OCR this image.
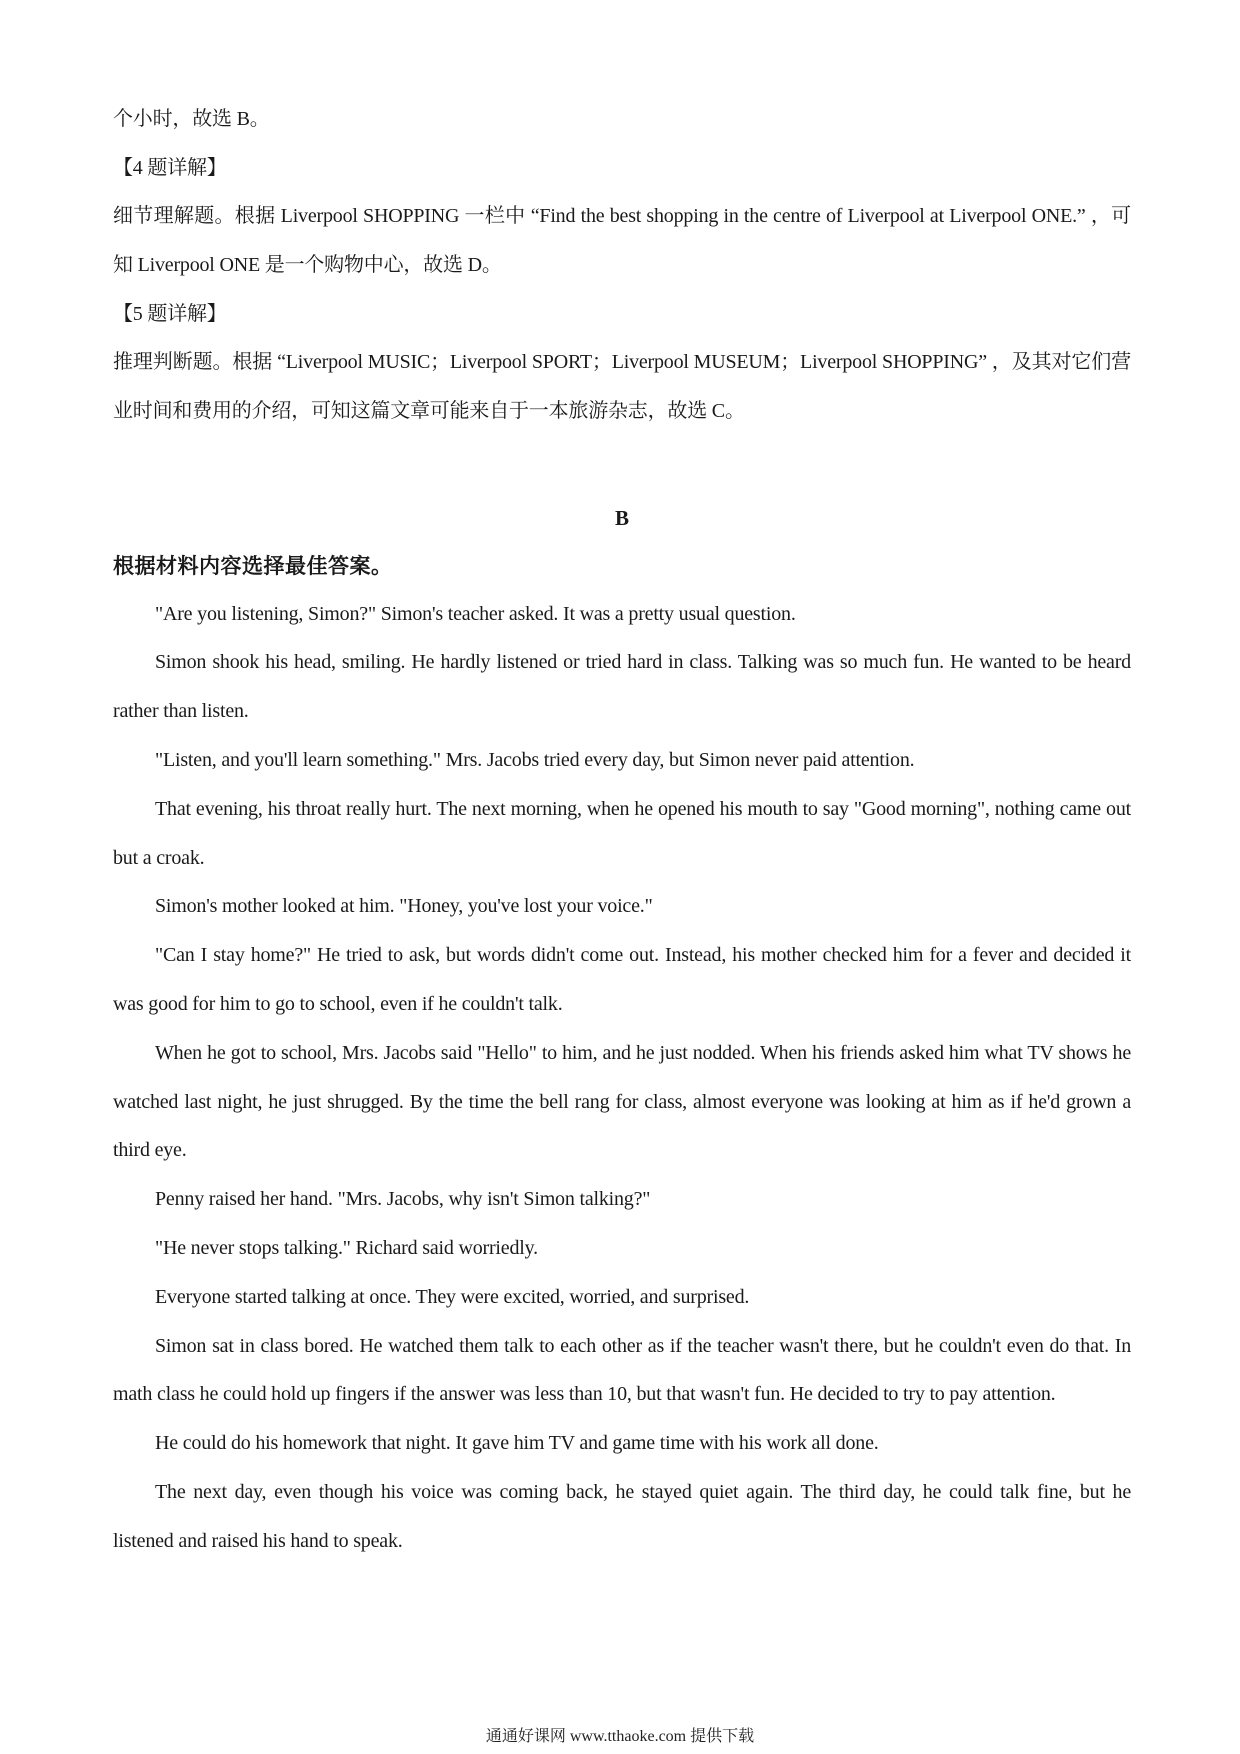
个小时，故选 B。
【4 题详解】

细节理解题。根据 Liverpool SHOPPING 一栏中 “Find the best shopping in the centre of Liverpool at Liverpool ONE.” ，可知 Liverpool ONE 是一个购物中心，故选 D。

【5 题详解】

推理判断题。根据 “Liverpool MUSIC；Liverpool SPORT；Liverpool MUSEUM；Liverpool SHOPPING” ，及其对它们营业时间和费用的介绍，可知这篇文章可能来自于一本旅游杂志，故选 C。

B
根据材料内容选择最佳答案。

"Are you listening, Simon?" Simon's teacher asked. It was a pretty usual question.

Simon shook his head, smiling. He hardly listened or tried hard in class. Talking was so much fun. He wanted to be heard rather than listen.

"Listen, and you'll learn something." Mrs. Jacobs tried every day, but Simon never paid attention.

That evening, his throat really hurt. The next morning, when he opened his mouth to say "Good morning", nothing came out but a croak.

Simon's mother looked at him. "Honey, you've lost your voice."

"Can I stay home?" He tried to ask, but words didn't come out. Instead, his mother checked him for a fever and decided it was good for him to go to school, even if he couldn't talk.

When he got to school, Mrs. Jacobs said "Hello" to him, and he just nodded. When his friends asked him what TV shows he watched last night, he just shrugged. By the time the bell rang for class, almost everyone was looking at him as if he'd grown a third eye.

Penny raised her hand. "Mrs. Jacobs, why isn't Simon talking?"

"He never stops talking." Richard said worriedly.

Everyone started talking at once. They were excited, worried, and surprised.

Simon sat in class bored. He watched them talk to each other as if the teacher wasn't there, but he couldn't even do that. In math class he could hold up fingers if the answer was less than 10, but that wasn't fun. He decided to try to pay attention.

He could do his homework that night. It gave him TV and game time with his work all done.

The next day, even though his voice was coming back, he stayed quiet again. The third day, he could talk fine, but he listened and raised his hand to speak.

通通好课网 www.tthaoke.com 提供下载
